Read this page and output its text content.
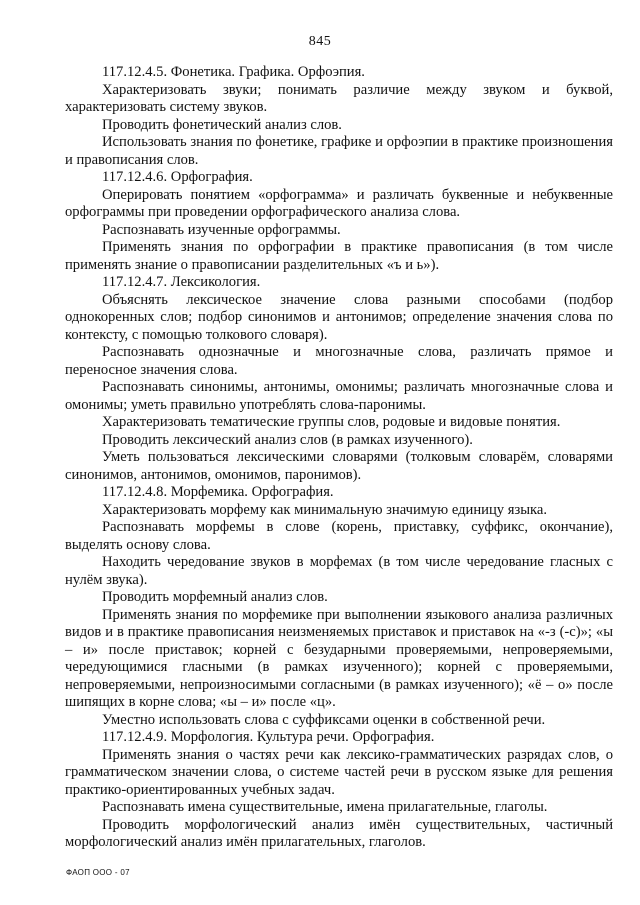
845

117.12.4.5. Фонетика. Графика. Орфоэпия.

Характеризовать звуки; понимать различие между звуком и буквой, характеризовать систему звуков.

Проводить фонетический анализ слов.

Использовать знания по фонетике, графике и орфоэпии в практике произношения и правописания слов.

117.12.4.6. Орфография.

Оперировать понятием «орфограмма» и различать буквенные и небуквенные орфограммы при проведении орфографического анализа слова.

Распознавать изученные орфограммы.

Применять знания по орфографии в практике правописания (в том числе применять знание о правописании разделительных «ъ и ь»).

117.12.4.7. Лексикология.

Объяснять лексическое значение слова разными способами (подбор однокоренных слов; подбор синонимов и антонимов; определение значения слова по контексту, с помощью толкового словаря).

Распознавать однозначные и многозначные слова, различать прямое и переносное значения слова.

Распознавать синонимы, антонимы, омонимы; различать многозначные слова и омонимы; уметь правильно употреблять слова-паронимы.

Характеризовать тематические группы слов, родовые и видовые понятия.

Проводить лексический анализ слов (в рамках изученного).

Уметь пользоваться лексическими словарями (толковым словарём, словарями синонимов, антонимов, омонимов, паронимов).

117.12.4.8. Морфемика. Орфография.

Характеризовать морфему как минимальную значимую единицу языка.

Распознавать морфемы в слове (корень, приставку, суффикс, окончание), выделять основу слова.

Находить чередование звуков в морфемах (в том числе чередование гласных с нулём звука).

Проводить морфемный анализ слов.

Применять знания по морфемике при выполнении языкового анализа различных видов и в практике правописания неизменяемых приставок и приставок на «-з (-с)»; «ы – и» после приставок; корней с безударными проверяемыми, непроверяемыми, чередующимися гласными (в рамках изученного); корней с проверяемыми, непроверяемыми, непроизносимыми согласными (в рамках изученного); «ё – о» после шипящих в корне слова; «ы – и» после «ц».

Уместно использовать слова с суффиксами оценки в собственной речи.

117.12.4.9. Морфология. Культура речи. Орфография.

Применять знания о частях речи как лексико-грамматических разрядах слов, о грамматическом значении слова, о системе частей речи в русском языке для решения практико-ориентированных учебных задач.

Распознавать имена существительные, имена прилагательные, глаголы.

Проводить морфологический анализ имён существительных, частичный морфологический анализ имён прилагательных, глаголов.

ФАОП ООО - 07
